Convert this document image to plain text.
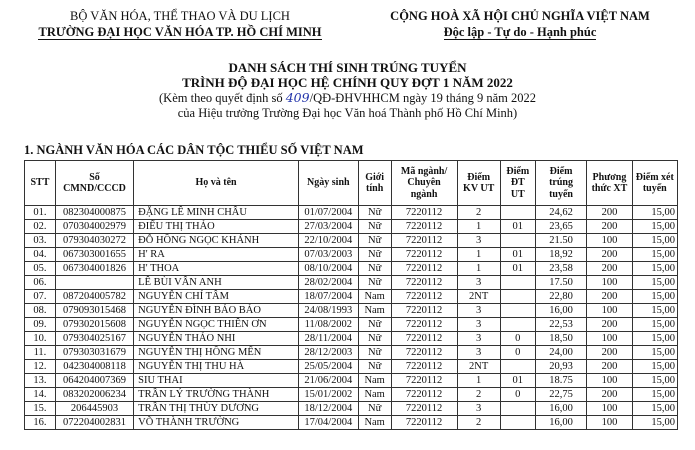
BỘ VĂN HÓA, THỂ THAO VÀ DU LỊCH
TRƯỜNG ĐẠI HỌC VĂN HÓA TP. HỒ CHÍ MINH
CỘNG HOÀ XÃ HỘI CHỦ NGHĨA VIỆT NAM
Độc lập - Tự do - Hạnh phúc
DANH SÁCH THÍ SINH TRÚNG TUYỂN
TRÌNH ĐỘ ĐẠI HỌC HỆ CHÍNH QUY ĐỢT 1 NĂM 2022
(Kèm theo quyết định số 409/QĐ-ĐHVHHCM ngày 19 tháng 9 năm 2022
của Hiệu trưởng Trường Đại học Văn hoá Thành phố Hồ Chí Minh)
1. NGÀNH VĂN HÓA CÁC DÂN TỘC THIỂU SỐ VIỆT NAM
STT	Số CMND/CCCD	Họ và tên	Ngày sinh	Giới tính	Mã ngành/ Chuyên ngành	Điểm KV UT	Điểm ĐT UT	Điểm trúng tuyển	Phương thức XT	Điểm xét tuyển
01.	082304000875	ĐẶNG LÊ MINH CHÂU	01/07/2004	Nữ	7220112	2		24,62	200	15,00
02.	070304002979	ĐIỂU THỊ THẢO	27/03/2004	Nữ	7220112	1	01	23,65	200	15,00
03.	079304030272	ĐỖ HỒNG NGỌC KHÁNH	22/10/2004	Nữ	7220112	3		21.50	100	15,00
04.	067303001655	H' RA	07/03/2003	Nữ	7220112	1	01	18,92	200	15,00
05.	067304001826	H' THOA	08/10/2004	Nữ	7220112	1	01	23,58	200	15,00
06.		LÊ BÙI VÂN ANH	28/02/2004	Nữ	7220112	3		17.50	100	15,00
07.	087204005782	NGUYỄN CHÍ TÂM	18/07/2004	Nam	7220112	2NT		22,80	200	15,00
08.	079093015468	NGUYỄN ĐÌNH BẢO BẢO	24/08/1993	Nam	7220112	3		16,00	100	15,00
09.	079302015608	NGUYỄN NGỌC THIÊN ƠN	11/08/2002	Nữ	7220112	3		22,53	200	15,00
10.	079304025167	NGUYỄN THẢO NHI	28/11/2004	Nữ	7220112	3	0	18,50	100	15,00
11.	079303031679	NGUYỄN THỊ HỒNG MẾN	28/12/2003	Nữ	7220112	3	0	24,00	200	15,00
12.	042304008118	NGUYỄN THỊ THU HÀ	25/05/2004	Nữ	7220112	2NT		20,93	200	15,00
13.	064204007369	SIU THAI	21/06/2004	Nam	7220112	1	01	18.75	100	15,00
14.	083202006234	TRẦN LÝ TRƯỜNG THÀNH	15/01/2002	Nam	7220112	2	0	22,75	200	15,00
15.	206445903	TRẦN THỊ THÙY DƯƠNG	18/12/2004	Nữ	7220112	3		16,00	100	15,00
16.	072204002831	VÕ THÀNH TRƯỜNG	17/04/2004	Nam	7220112	2		16,00	100	15,00
